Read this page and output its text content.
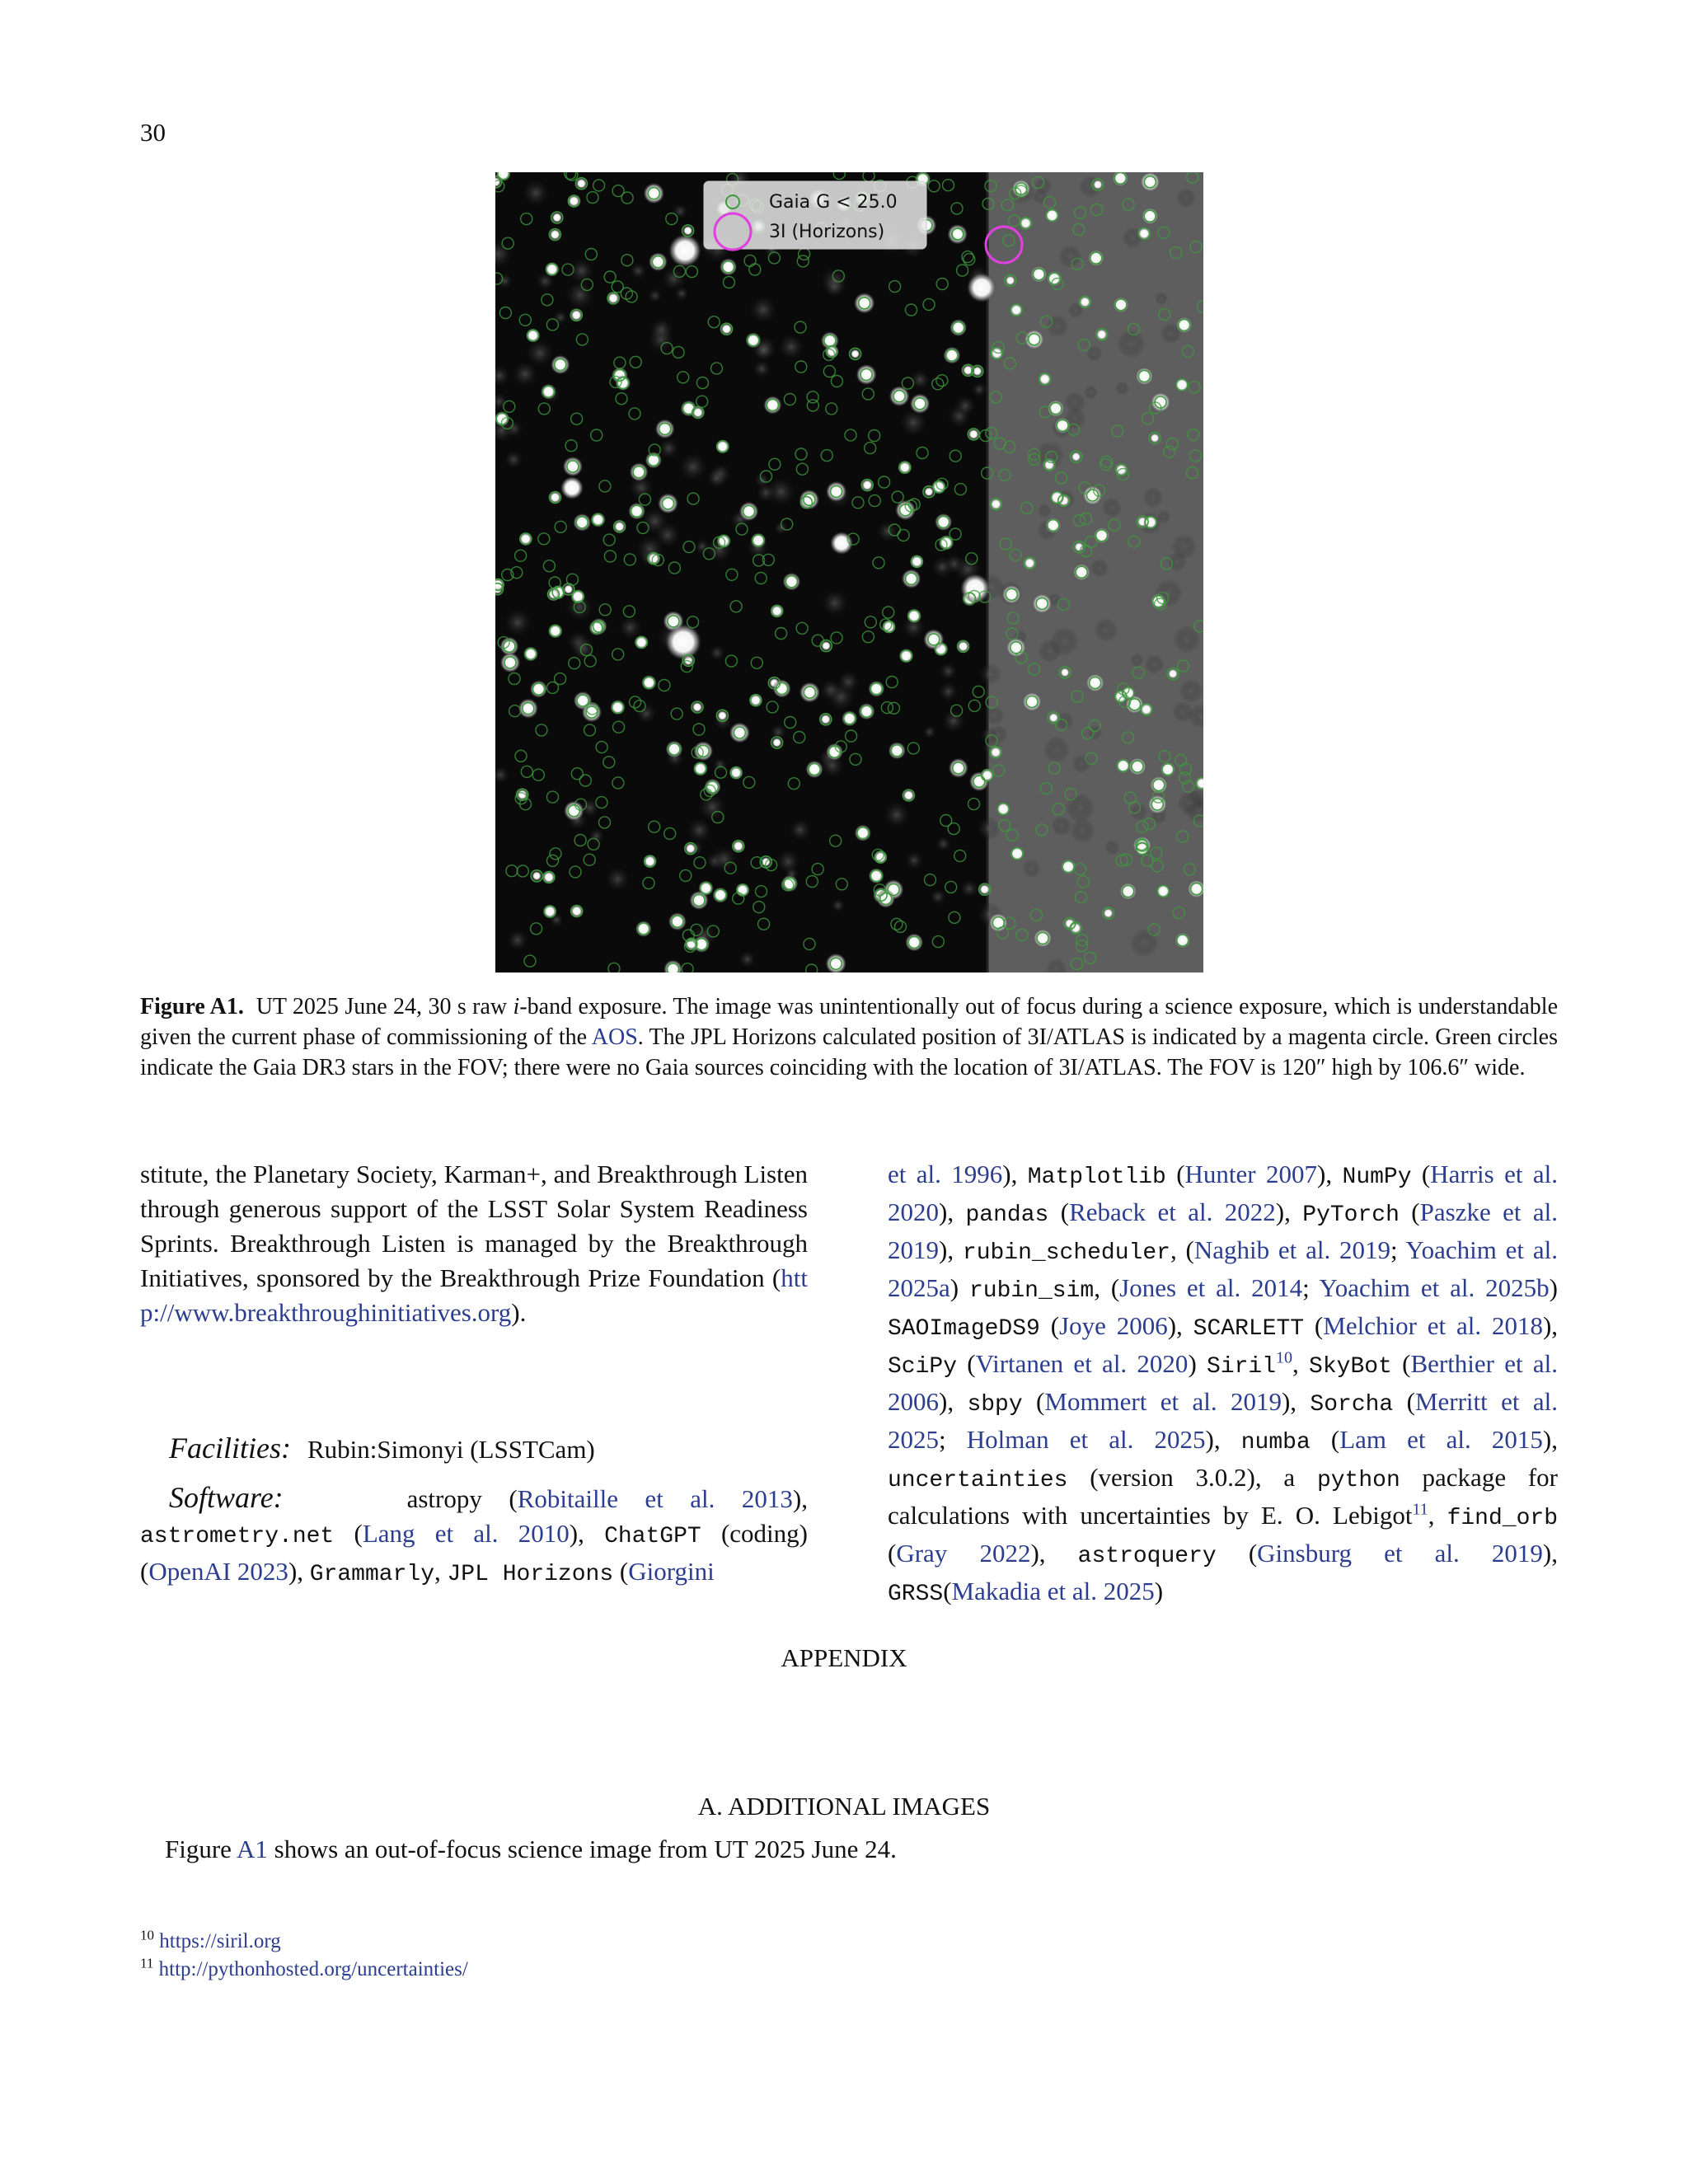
30
Gaia G < 25.0
3I (Horizons)
Figure A1. UT 2025 June 24, 30 s raw i-band exposure. The image was unintentionally out of focus during a science exposure, which is understandable given the current phase of commissioning of the AOS. The JPL Horizons calculated position of 3I/ATLAS is indicated by a magenta circle. Green circles indicate the Gaia DR3 stars in the FOV; there were no Gaia sources coinciding with the location of 3I/ATLAS. The FOV is 120″ high by 106.6″ wide.

stitute, the Planetary Society, Karman+, and Breakthrough Listen through generous support of the LSST Solar System Readiness Sprints. Breakthrough Listen is managed by the Breakthrough Initiatives, sponsored by the Breakthrough Prize Foundation (http://www.breakthroughinitiatives.org).

Facilities: Rubin:Simonyi (LSSTCam)
Software:	astropy (Robitaille et al. 2013), astrometry.net (Lang et al. 2010), ChatGPT (coding) (OpenAI 2023), Grammarly, JPL Horizons (Giorgini
et al. 1996), Matplotlib (Hunter 2007), NumPy (Harris et al. 2020), pandas (Reback et al. 2022), PyTorch (Paszke et al. 2019), rubin_scheduler, (Naghib et al. 2019; Yoachim et al. 2025a) rubin_sim, (Jones et al. 2014; Yoachim et al. 2025b) SAOImageDS9 (Joye 2006), SCARLETT (Melchior et al. 2018), SciPy (Virtanen et al. 2020) Siril$^{10}$, SkyBot (Berthier et al. 2006), sbpy (Mommert et al. 2019), Sorcha (Merritt et al. 2025; Holman et al. 2025), numba (Lam et al. 2015), uncertainties (version 3.0.2), a python package for calculations with uncertainties by E. O. Lebigot$^{11}$, find_orb (Gray 2022), astroquery (Ginsburg et al. 2019), GRSS(Makadia et al. 2025)
APPENDIX
A. ADDITIONAL IMAGES
Figure A1 shows an out-of-focus science image from UT 2025 June 24.
$^{10}$ https://siril.org
$^{11}$ http://pythonhosted.org/uncertainties/
